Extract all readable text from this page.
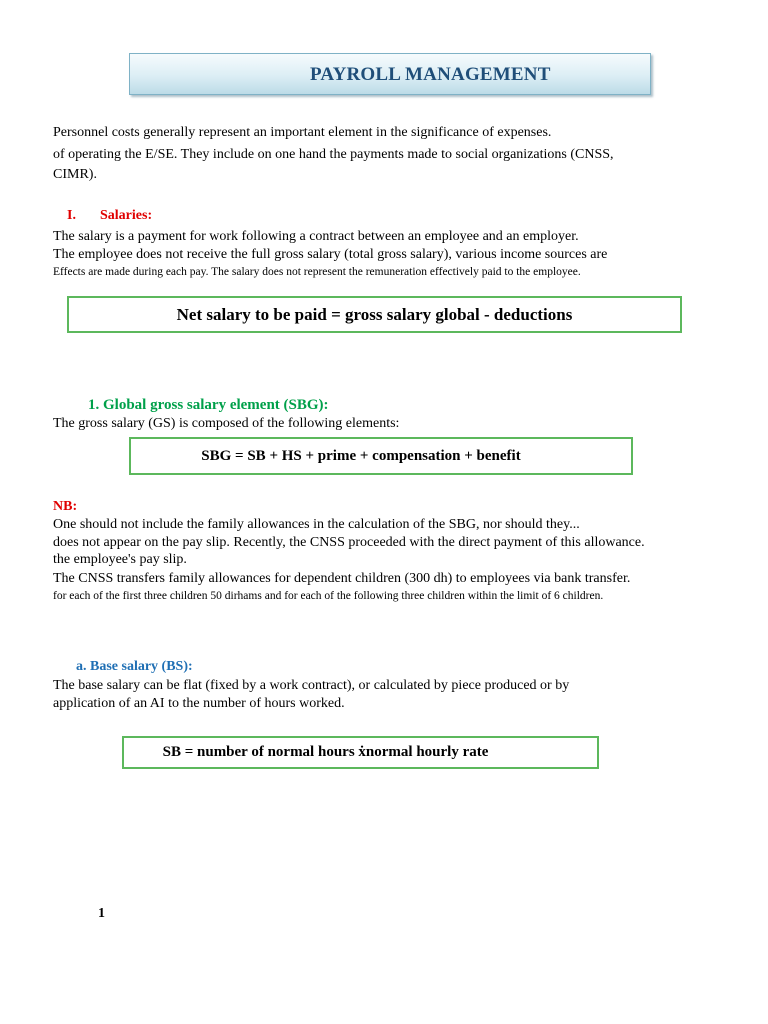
PAYROLL MANAGEMENT
Personnel costs generally represent an important element in the significance of expenses.
of operating the E/SE. They include on one hand the payments made to social organizations (CNSS,
CIMR).
I. Salaries:
The salary is a payment for work following a contract between an employee and an employer.
The employee does not receive the full gross salary (total gross salary), various income sources are
Effects are made during each pay. The salary does not represent the remuneration effectively paid to the employee.
Net salary to be paid = gross salary global - deductions
1. Global gross salary element (SBG):
The gross salary (GS) is composed of the following elements:
SBG = SB + HS + prime + compensation + benefit
NB:
One should not include the family allowances in the calculation of the SBG, nor should they...
does not appear on the pay slip. Recently, the CNSS proceeded with the direct payment of this allowance.
the employee's pay slip.
The CNSS transfers family allowances for dependent children (300 dh) to employees via bank transfer.
for each of the first three children 50 dirhams and for each of the following three children within the limit of 6 children.
a. Base salary (BS):
The base salary can be flat (fixed by a work contract), or calculated by piece produced or by
application of an AI to the number of hours worked.
SB = number of normal hours ẋnormal hourly rate
1
